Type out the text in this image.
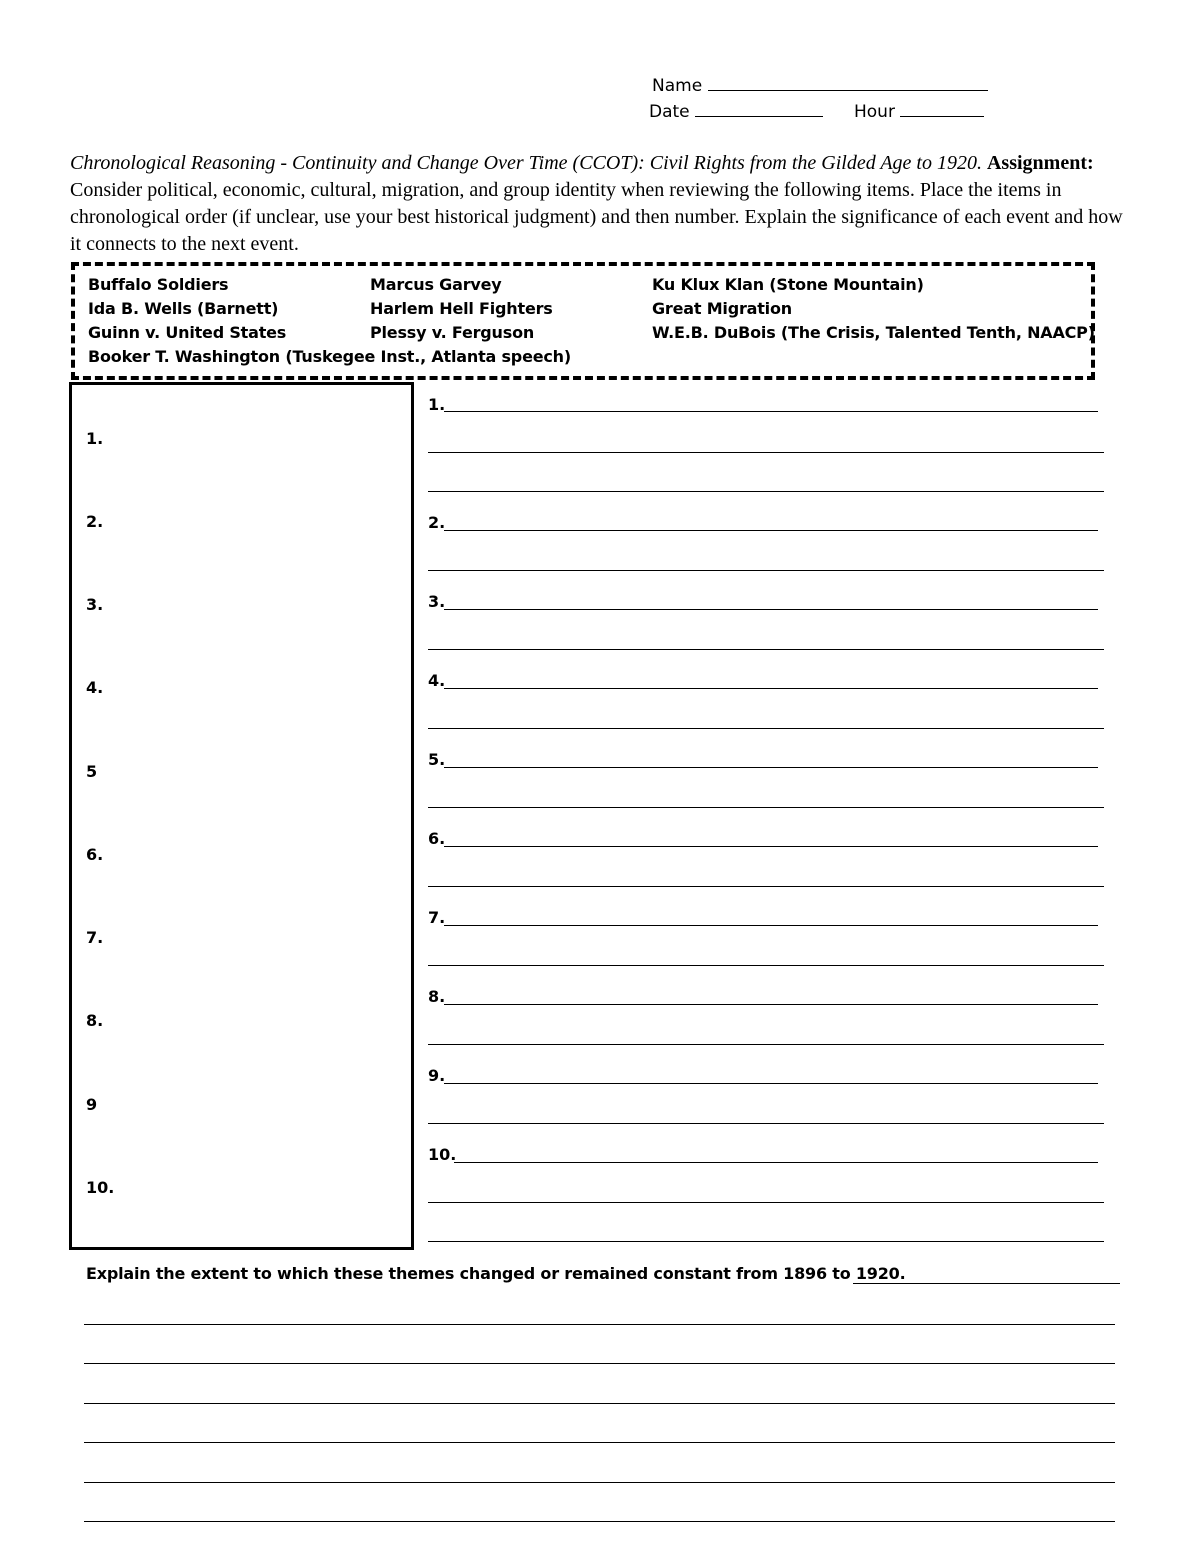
Name
Date	Hour
Chronological Reasoning - Continuity and Change Over Time (CCOT): Civil Rights from the Gilded Age to 1920. Assignment: Consider political, economic, cultural, migration, and group identity when reviewing the following items. Place the items in chronological order (if unclear, use your best historical judgment) and then number. Explain the significance of each event and how it connects to the next event.
Buffalo Soldiers	Marcus Garvey	Ku Klux Klan (Stone Mountain)
Ida B. Wells (Barnett)	Harlem Hell Fighters	Great Migration
Guinn v. United States	Plessy v. Ferguson	W.E.B. DuBois (The Crisis, Talented Tenth, NAACP)
Booker T. Washington (Tuskegee Inst., Atlanta speech)
1.
2.
3.
4.
5
6.
7.
8.
9
10.
1.
2.
3.
4.
5.
6.
7.
8.
9.
10.
Explain the extent to which these themes changed or remained constant from 1896 to 1920.
